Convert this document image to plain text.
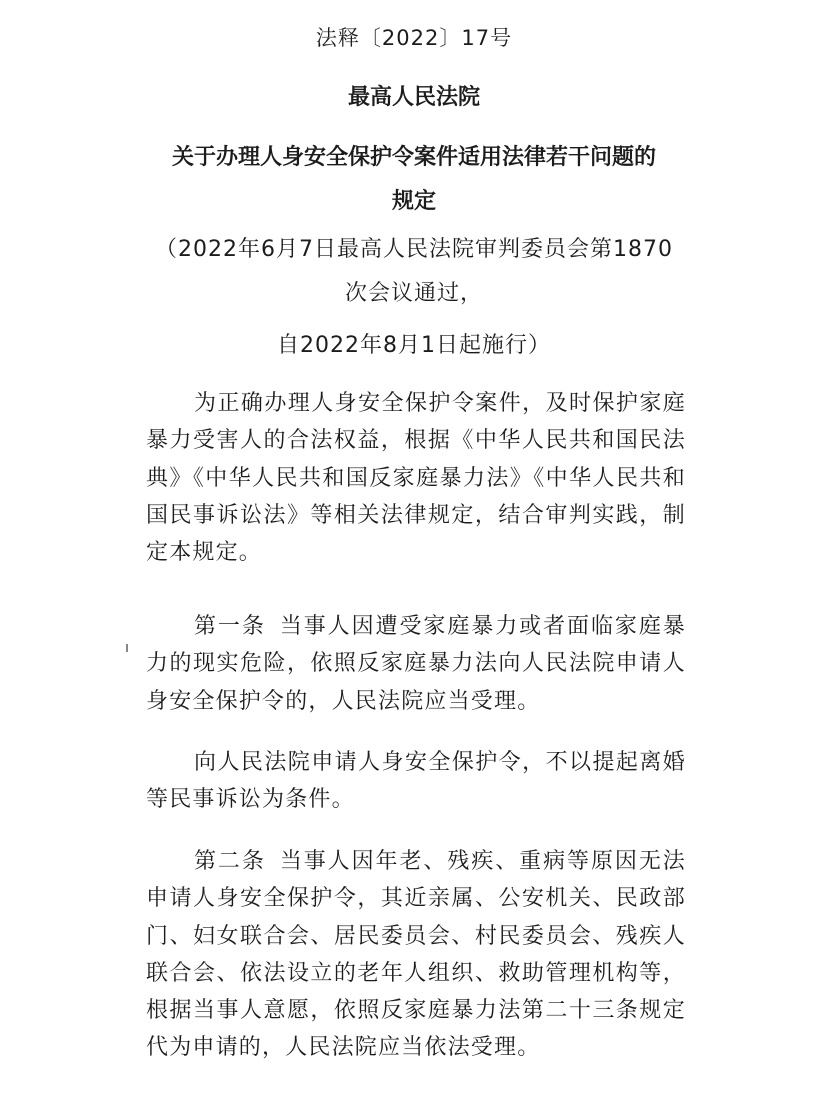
法释〔2022〕17号
最高人民法院
关于办理人身安全保护令案件适用法律若干问题的
规定
（2022年6月7日最高人民法院审判委员会第1870
次会议通过，
自2022年8月1日起施行）
为正确办理人身安全保护令案件，及时保护家庭暴力受害人的合法权益，根据《中华人民共和国民法典》《中华人民共和国反家庭暴力法》《中华人民共和国民事诉讼法》等相关法律规定，结合审判实践，制定本规定。
第一条 当事人因遭受家庭暴力或者面临家庭暴力的现实危险，依照反家庭暴力法向人民法院申请人身安全保护令的，人民法院应当受理。
向人民法院申请人身安全保护令，不以提起离婚等民事诉讼为条件。
第二条 当事人因年老、残疾、重病等原因无法申请人身安全保护令，其近亲属、公安机关、民政部门、妇女联合会、居民委员会、村民委员会、残疾人联合会、依法设立的老年人组织、救助管理机构等，根据当事人意愿，依照反家庭暴力法第二十三条规定代为申请的，人民法院应当依法受理。
